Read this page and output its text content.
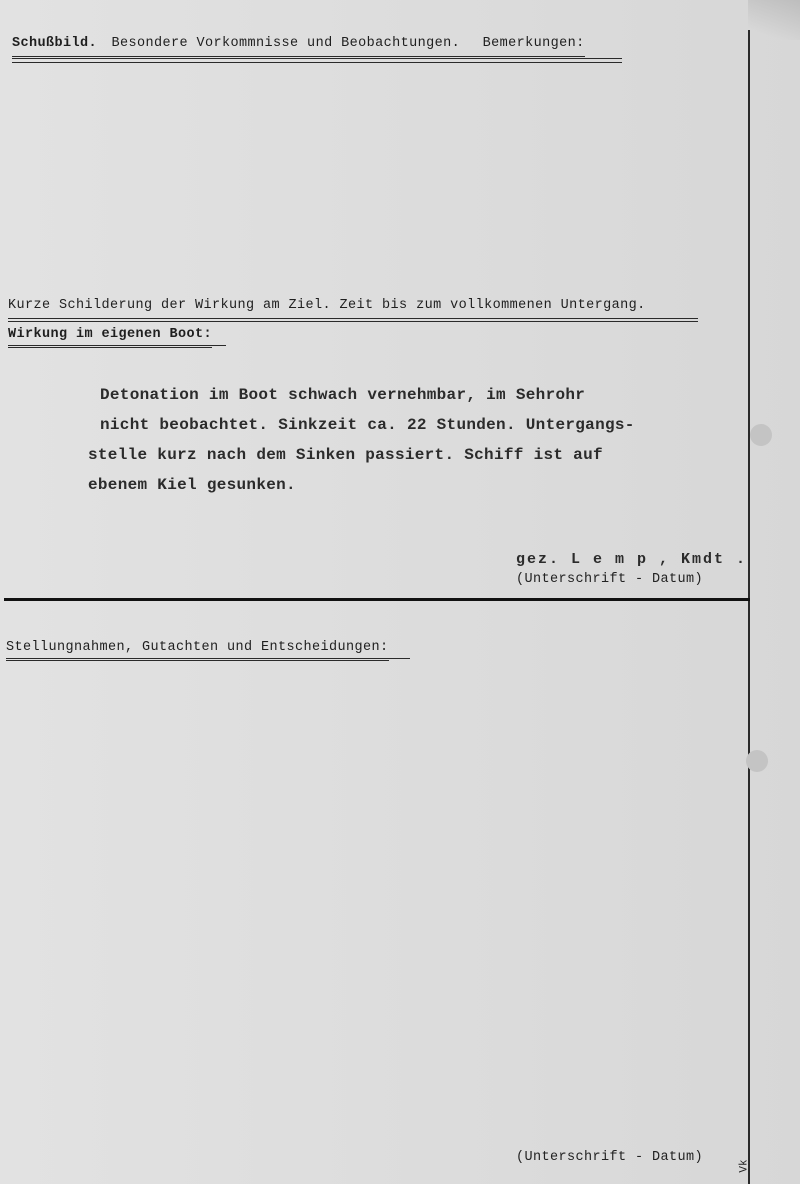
Schußbild. Besondere Vorkommnisse und Beobachtungen. Bemerkungen:
Kurze Schilderung der Wirkung am Ziel. Zeit bis zum vollkommenen Untergang.
Wirkung im eigenen Boot:
Detonation im Boot schwach vernehmbar, im Sehrohr
nicht beobachtet. Sinkzeit ca. 22 Stunden. Untergangs-
stelle kurz nach dem Sinken passiert. Schiff ist auf
ebenem Kiel gesunken.
gez. L e m p , Kmdt .
(Unterschrift - Datum)
Stellungnahmen, Gutachten und Entscheidungen:
(Unterschrift - Datum)
Vk
